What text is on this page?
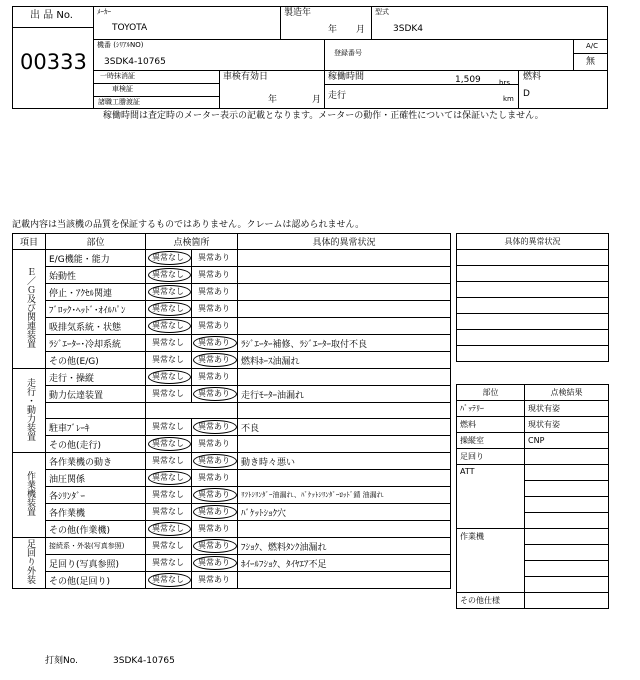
出 品 No.
00333
ﾒｰｶｰ
TOYOTA
製造年
年 月
型式
3SDK4
機番 (ｼﾘｱﾙNO)
3SDK4-10765
登録番号
A/C
無
一時抹消証
車検証
諸職工謄渡証
車検有効日
年	月
稼働時間	1,509	hrs
走行	km
燃料
D
稼働時間は査定時のメーター表示の記載となります。メーターの動作・正確性については保証いたしません。
記載内容は当該機の品質を保証するものではありません。クレームは認められません。
項目	部位	点検箇所	具体的異常状況
Ｅ／Ｇ及び関連装置	E/G機能・能力	異常なし 異常あり	

	始動性	異常なし 異常あり	

	停止・ｱｸｾﾙ関連	異常なし 異常あり	

	ﾌﾞﾛｯｸ･ﾍｯﾄﾞ･ｵｲﾙﾊﾟﾝ	異常なし 異常あり	

	吸排気系統・状態	異常なし 異常あり	

	ﾗｼﾞｴｰﾀｰ･冷却系統	異常なし 異常あり	ﾗｼﾞｴｰﾀｰ補修、ﾗｼﾞｴｰﾀｰ取付不良
	その他(E/G)	異常なし 異常あり	燃料ﾎｰｽ油漏れ
走行・動力装置	走行・操縦	異常なし 異常あり	

	動力伝達装置	異常なし 異常あり	走行ﾓｰﾀｰ油漏れ

	駐車ﾌﾞﾚｰｷ	異常なし 異常あり	不良
	その他(走行)	異常なし 異常あり	

作業機装置	各作業機の動き	異常なし 異常あり	動き時々悪い
	油圧関係	異常なし 異常あり	

	各ｼﾘﾝﾀﾞｰ	異常なし 異常あり	ﾘﾌﾄｼﾘﾝﾀﾞｰ油漏れ、ﾊﾞｹｯﾄｼﾘﾝﾀﾞｰﾛｯﾄﾞ錆 油漏れ
	各作業機	異常なし 異常あり	ﾊﾞｹｯﾄｼｮｸ穴
	その他(作業機)	異常なし 異常あり	

足回り外装	接続系・外装(写真参照)	異常なし 異常あり	ﾌｼｮｸ、燃料ﾀﾝｸ油漏れ
	足回り(写真参照)	異常なし 異常あり	ﾎｲｰﾙﾌｼｮｸ、ﾀｲﾔｴｱ不足
	その他(足回り)	異常なし 異常あり	

具体的異常状況

部位	点検結果
ﾊﾞｯﾃﾘｰ	現状有姿
燃料	現状有姿
操縦室	CNP
足回り	
ATT	

作業機	

その他仕様	
打刻No.	3SDK4-10765
